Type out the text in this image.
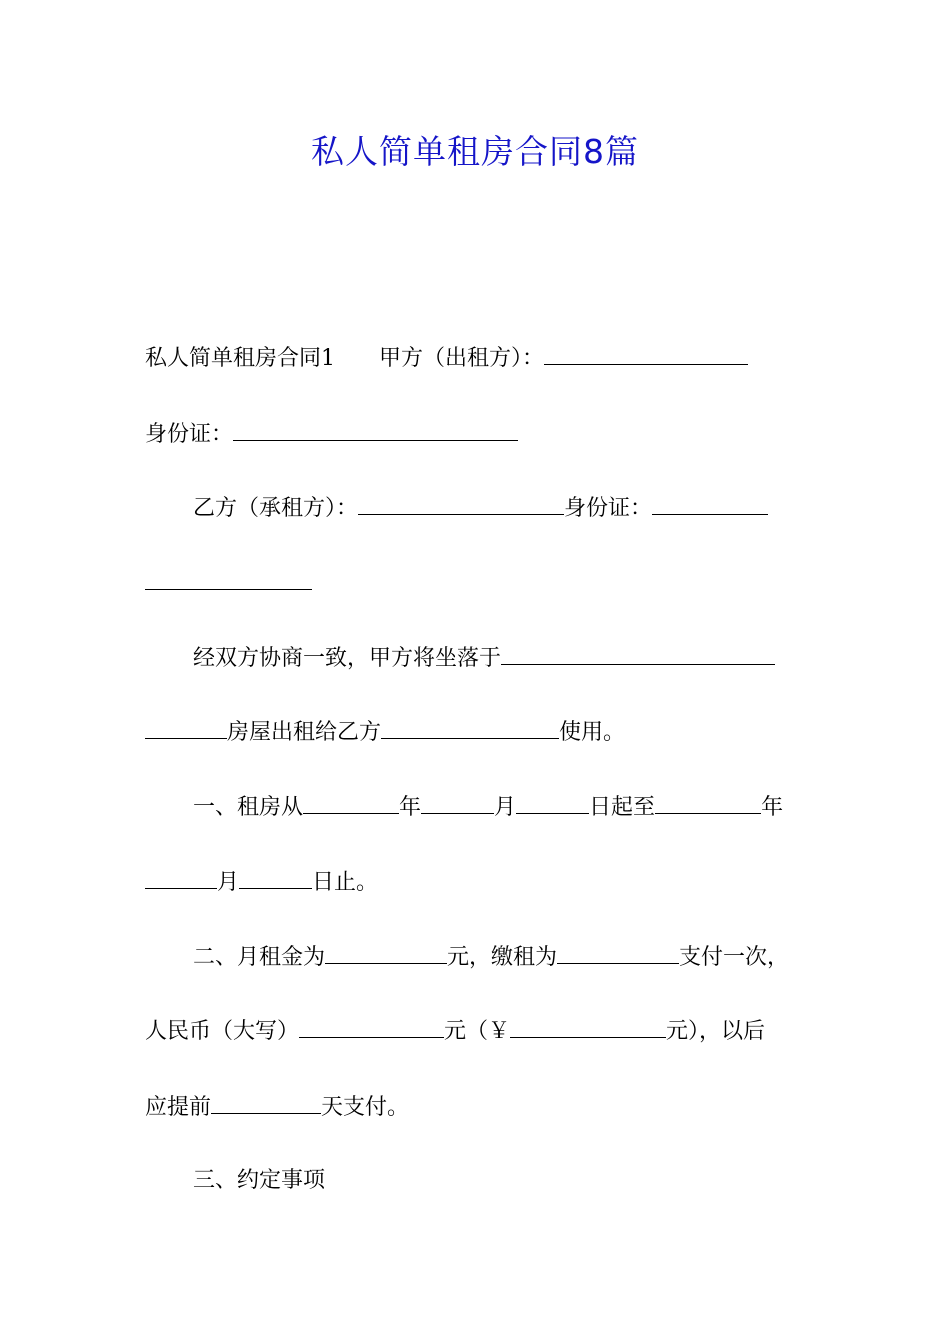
私人简单租房合同8篇
私人简单租房合同1 甲方（出租方）：
身份证：
乙方（承租方）：	身份证：
经双方协商一致，甲方将坐落于
房屋出租给乙方	使用。
一、租房从	年	月	日起至	年
月	日止。
二、月租金为	元，缴租为	支付一次，
人民币（大写）	元（￥	元），以后
应提前	天支付。
三、约定事项
